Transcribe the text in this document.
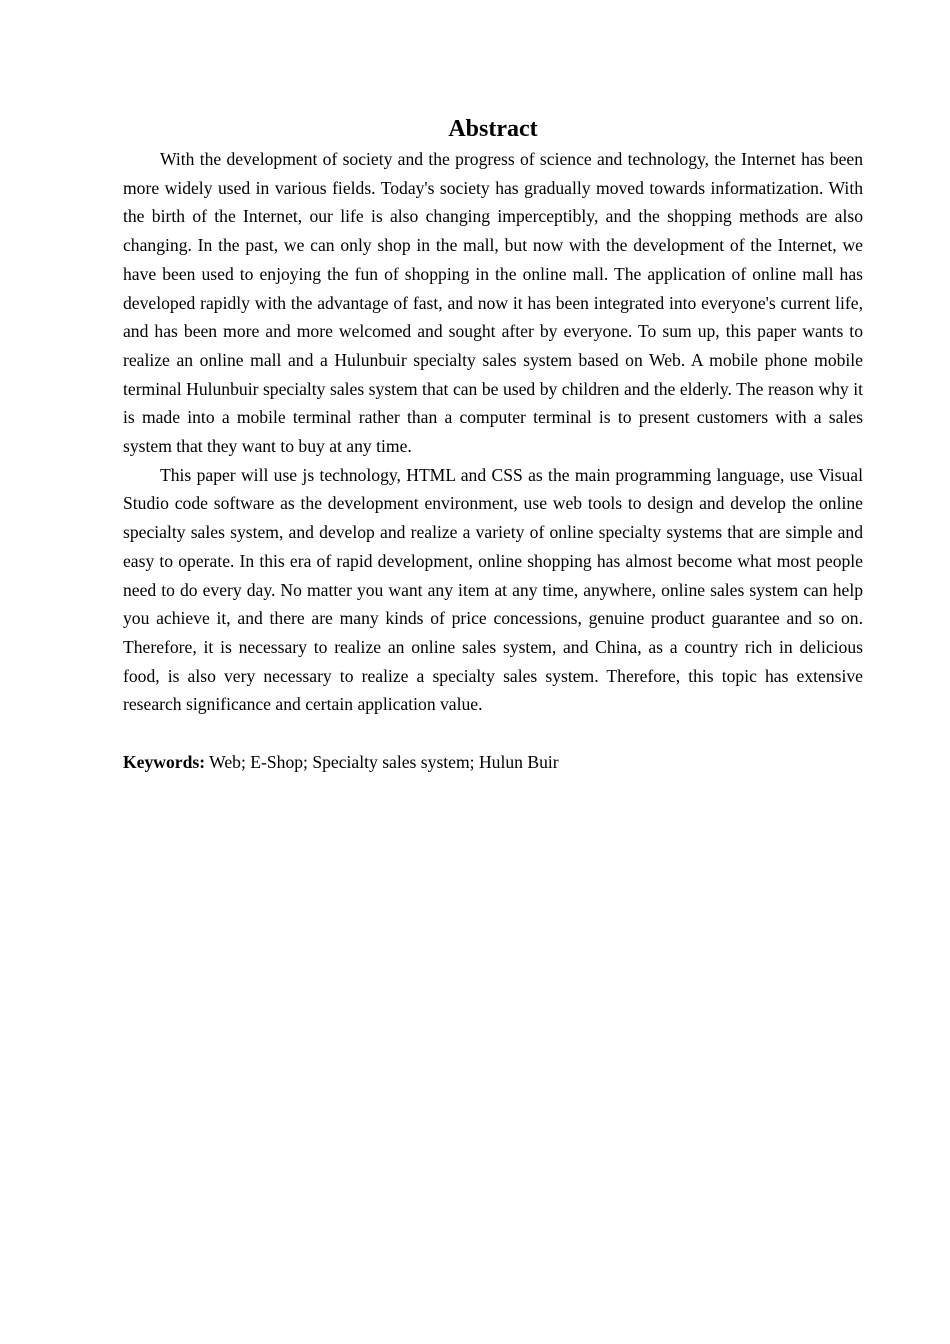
Abstract

With the development of society and the progress of science and technology, the Internet has been more widely used in various fields. Today's society has gradually moved towards informatization. With the birth of the Internet, our life is also changing imperceptibly, and the shopping methods are also changing. In the past, we can only shop in the mall, but now with the development of the Internet, we have been used to enjoying the fun of shopping in the online mall. The application of online mall has developed rapidly with the advantage of fast, and now it has been integrated into everyone's current life, and has been more and more welcomed and sought after by everyone. To sum up, this paper wants to realize an online mall and a Hulunbuir specialty sales system based on Web. A mobile phone mobile terminal Hulunbuir specialty sales system that can be used by children and the elderly. The reason why it is made into a mobile terminal rather than a computer terminal is to present customers with a sales system that they want to buy at any time.

This paper will use js technology, HTML and CSS as the main programming language, use Visual Studio code software as the development environment, use web tools to design and develop the online specialty sales system, and develop and realize a variety of online specialty systems that are simple and easy to operate. In this era of rapid development, online shopping has almost become what most people need to do every day. No matter you want any item at any time, anywhere, online sales system can help you achieve it, and there are many kinds of price concessions, genuine product guarantee and so on. Therefore, it is necessary to realize an online sales system, and China, as a country rich in delicious food, is also very necessary to realize a specialty sales system. Therefore, this topic has extensive research significance and certain application value.

Keywords: Web; E-Shop; Specialty sales system; Hulun Buir
